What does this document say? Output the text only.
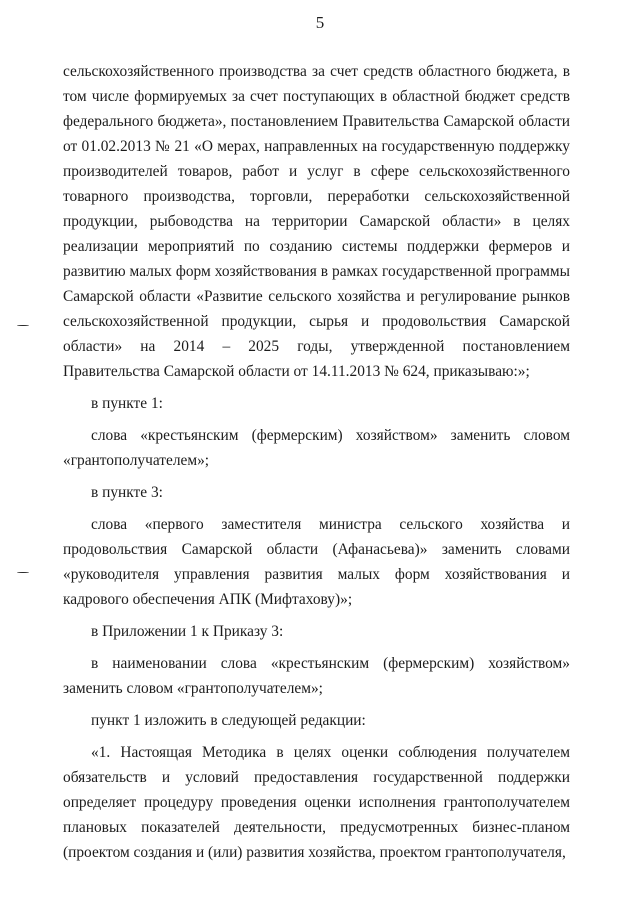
5

сельскохозяйственного производства за счет средств областного бюджета, в том числе формируемых за счет поступающих в областной бюджет средств федерального бюджета», постановлением Правительства Самарской области от 01.02.2013 № 21 «О мерах, направленных на государственную поддержку производителей товаров, работ и услуг в сфере сельскохозяйственного товарного производства, торговли, переработки сельскохозяйственной продукции, рыбоводства на территории Самарской области» в целях реализации мероприятий по созданию системы поддержки фермеров и развитию малых форм хозяйствования в рамках государственной программы Самарской области «Развитие сельского хозяйства и регулирование рынков сельскохозяйственной продукции, сырья и продовольствия Самарской области» на 2014 – 2025 годы, утвержденной постановлением Правительства Самарской области от 14.11.2013 № 624, приказываю:»;

в пункте 1:

слова «крестьянским (фермерским) хозяйством» заменить словом «грантополучателем»;

в пункте 3:

слова «первого заместителя министра сельского хозяйства и продовольствия Самарской области (Афанасьева)» заменить словами «руководителя управления развития малых форм хозяйствования и кадрового обеспечения АПК (Мифтахову)»;

в Приложении 1 к Приказу 3:

в наименовании слова «крестьянским (фермерским) хозяйством» заменить словом «грантополучателем»;

пункт 1 изложить в следующей редакции:

«1. Настоящая Методика в целях оценки соблюдения получателем обязательств и условий предоставления государственной поддержки определяет процедуру проведения оценки исполнения грантополучателем плановых показателей деятельности, предусмотренных бизнес-планом (проектом создания и (или) развития хозяйства, проектом грантополучателя,
